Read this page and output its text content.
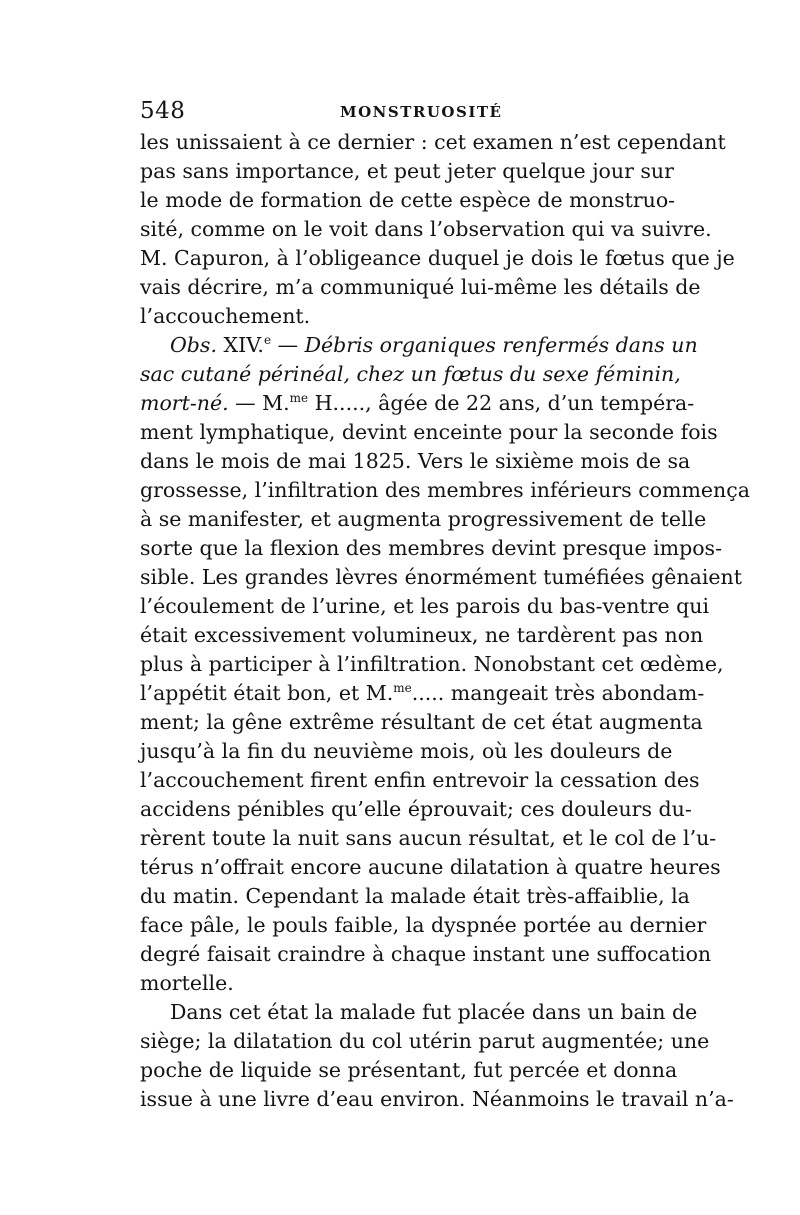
548	MONSTRUOSITÉ
les unissaient à ce dernier : cet examen n’est cependant
pas sans importance, et peut jeter quelque jour sur
le mode de formation de cette espèce de monstruo-
sité, comme on le voit dans l’observation qui va suivre.
M. Capuron, à l’obligeance duquel je dois le fœtus que je
vais décrire, m’a communiqué lui-même les détails de
l’accouchement.
Obs. XIV.$^e$ — Débris organiques renfermés dans un
sac cutané périnéal, chez un fœtus du sexe féminin,
mort-né. — M.$^{me}$ H....., âgée de 22 ans, d’un tempéra-
ment lymphatique, devint enceinte pour la seconde fois
dans le mois de mai 1825. Vers le sixième mois de sa
grossesse, l’infiltration des membres inférieurs commença
à se manifester, et augmenta progressivement de telle
sorte que la flexion des membres devint presque impos-
sible. Les grandes lèvres énormément tuméfiées gênaient
l’écoulement de l’urine, et les parois du bas-ventre qui
était excessivement volumineux, ne tardèrent pas non
plus à participer à l’infiltration. Nonobstant cet œdème,
l’appétit était bon, et M.$^{me}$..... mangeait très abondam-
ment; la gêne extrême résultant de cet état augmenta
jusqu’à la fin du neuvième mois, où les douleurs de
l’accouchement firent enfin entrevoir la cessation des
accidens pénibles qu’elle éprouvait; ces douleurs du-
rèrent toute la nuit sans aucun résultat, et le col de l’u-
térus n’offrait encore aucune dilatation à quatre heures
du matin. Cependant la malade était très-affaiblie, la
face pâle, le pouls faible, la dyspnée portée au dernier
degré faisait craindre à chaque instant une suffocation
mortelle.
Dans cet état la malade fut placée dans un bain de
siège; la dilatation du col utérin parut augmentée; une
poche de liquide se présentant, fut percée et donna
issue à une livre d’eau environ. Néanmoins le travail n’a-
